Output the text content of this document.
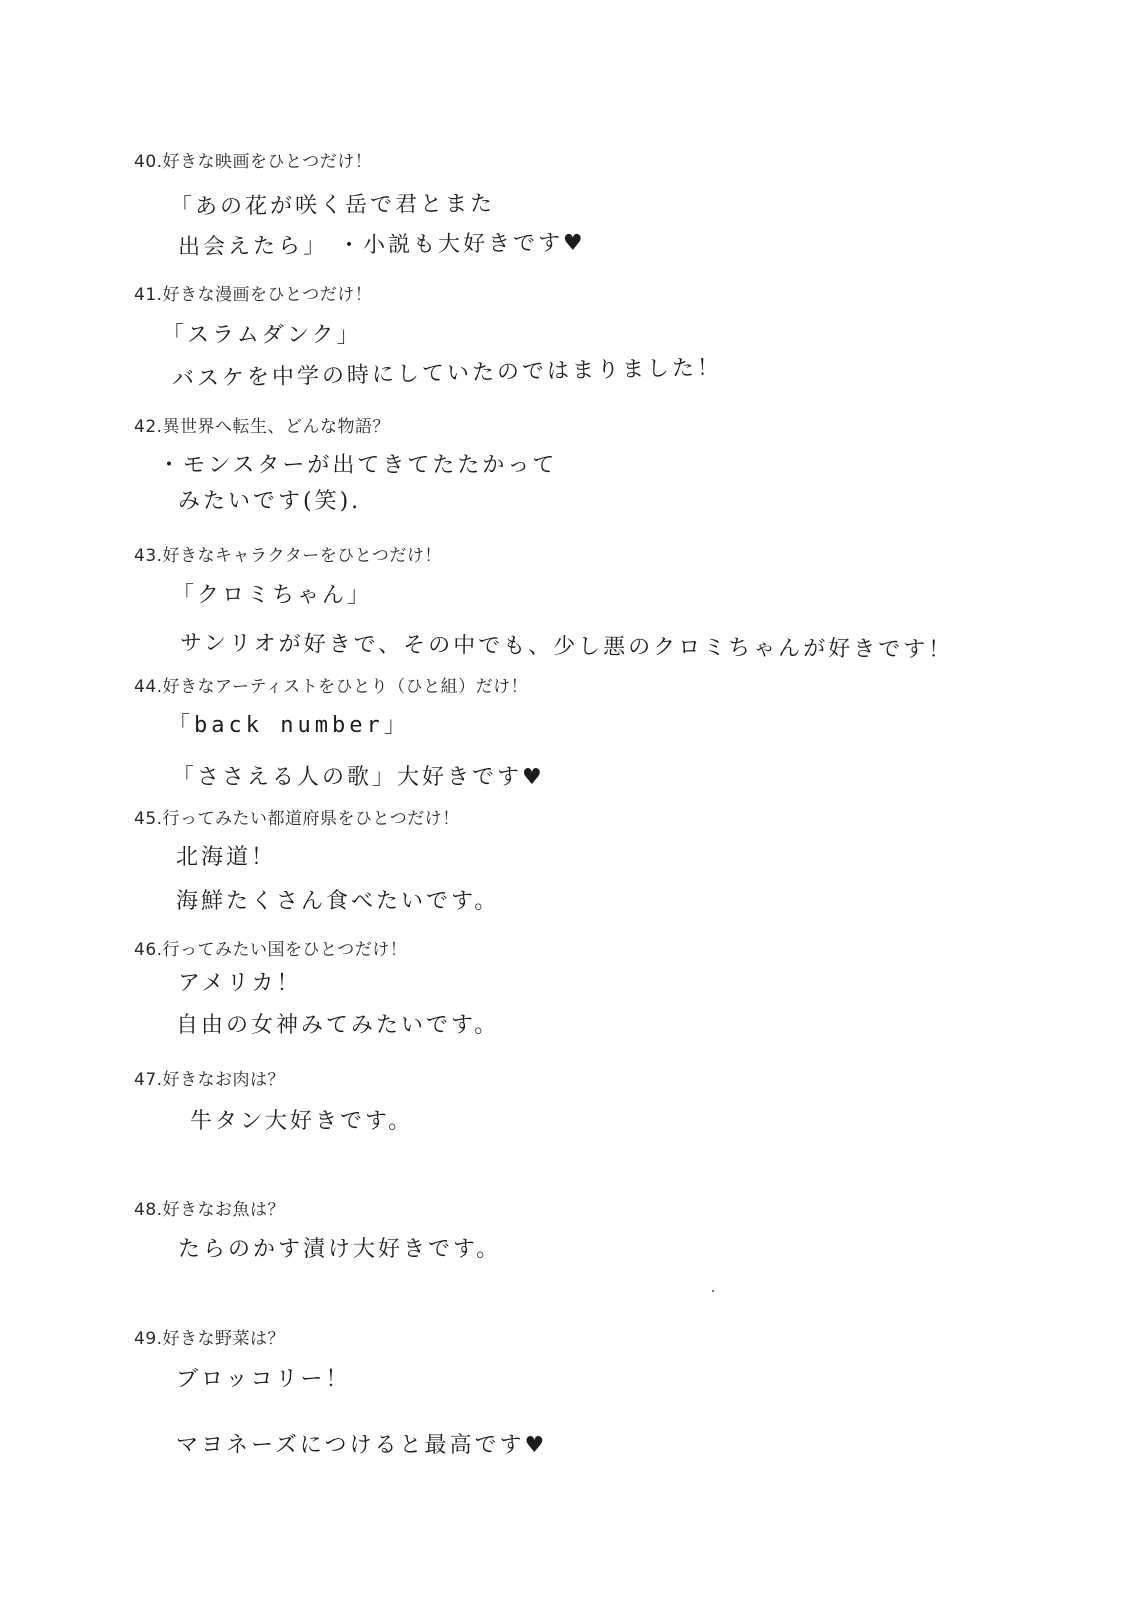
40.好きな映画をひとつだけ！
「あの花が咲く岳で君とまた
出会えたら」 ・小説も大好きです♥
41.好きな漫画をひとつだけ！
「スラムダンク」
バスケを中学の時にしていたのではまりました！
42.異世界へ転生、どんな物語？
・モンスターが出てきてたたかって
みたいです(笑).
43.好きなキャラクターをひとつだけ！
「クロミちゃん」
サンリオが好きで、その中でも、少し悪のクロミちゃんが好きです！
44.好きなアーティストをひとり（ひと組）だけ！
「back number」
「ささえる人の歌」大好きです♥
45.行ってみたい都道府県をひとつだけ！
北海道！
海鮮たくさん食べたいです。
46.行ってみたい国をひとつだけ！
アメリカ！
自由の女神みてみたいです。
47.好きなお肉は？
牛タン大好きです。
48.好きなお魚は？
たらのかす漬け大好きです。
49.好きな野菜は？
ブロッコリー！
マヨネーズにつけると最高です♥
